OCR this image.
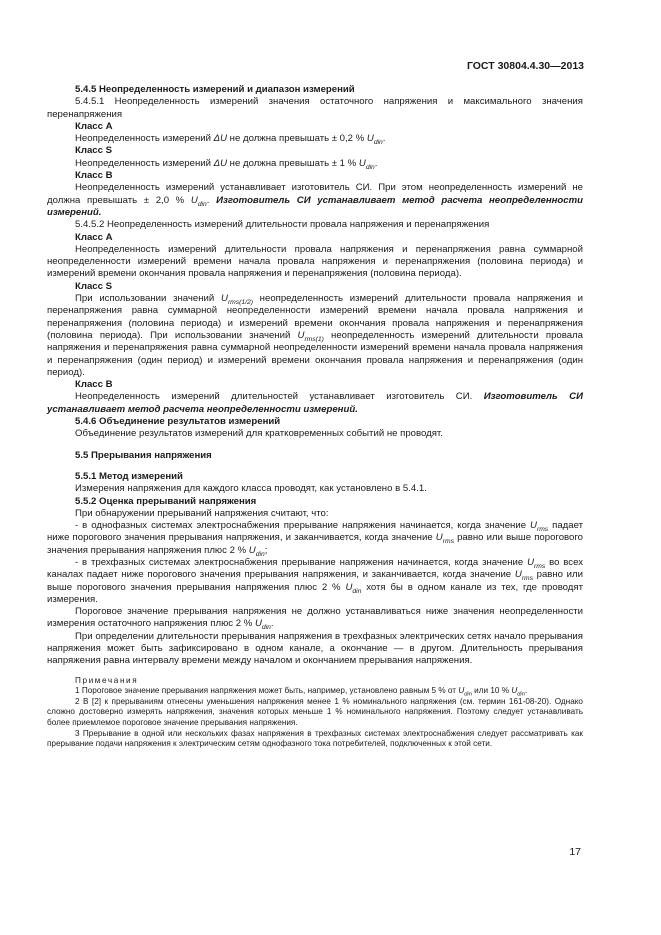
ГОСТ 30804.4.30—2013

5.4.5 Неопределенность измерений и диапазон измерений

5.4.5.1 Неопределенность измерений значения остаточного напряжения и максимального значения перенапряжения

Класс А

Неопределенность измерений ΔU не должна превышать ± 0,2 % $U_{din}$.

Класс S

Неопределенность измерений ΔU не должна превышать ± 1 % $U_{din}$.

Класс В

Неопределенность измерений устанавливает изготовитель СИ. При этом неопределенность измерений не должна превышать ± 2,0 % $U_{din}$. Изготовитель СИ устанавливает метод расчета неопределенности измерений.

5.4.5.2 Неопределенность измерений длительности провала напряжения и перенапряжения

Класс А

Неопределенность измерений длительности провала напряжения и перенапряжения равна суммарной неопределенности измерений времени начала провала напряжения и перенапряжения (половина периода) и измерений времени окончания провала напряжения и перенапряжения (половина периода).

Класс S

При использовании значений $U_{rms(1/2)}$ неопределенность измерений длительности провала напряжения и перенапряжения равна суммарной неопределенности измерений времени начала провала напряжения и перенапряжения (половина периода) и измерений времени окончания провала напряжения и перенапряжения (половина периода). При использовании значений $U_{rms(1)}$ неопределенность измерений длительности провала напряжения и перенапряжения равна суммарной неопределенности измерений времени начала провала напряжения и перенапряжения (один период) и измерений времени окончания провала напряжения и перенапряжения (один период).

Класс В

Неопределенность измерений длительностей устанавливает изготовитель СИ. Изготовитель СИ устанавливает метод расчета неопределенности измерений.

5.4.6 Объединение результатов измерений

Объединение результатов измерений для кратковременных событий не проводят.

5.5 Прерывания напряжения

5.5.1 Метод измерений

Измерения напряжения для каждого класса проводят, как установлено в 5.4.1.

5.5.2 Оценка прерываний напряжения

При обнаружении прерываний напряжения считают, что:

- в однофазных системах электроснабжения прерывание напряжения начинается, когда значение $U_{rms}$ падает ниже порогового значения прерывания напряжения, и заканчивается, когда значение $U_{rms}$ равно или выше порогового значения прерывания напряжения плюс 2 % $U_{din}$;

- в трехфазных системах электроснабжения прерывание напряжения начинается, когда значение $U_{rms}$ во всех каналах падает ниже порогового значения прерывания напряжения, и заканчивается, когда значение $U_{rms}$ равно или выше порогового значения прерывания напряжения плюс 2 % $U_{din}$ хотя бы в одном канале из тех, где проводят измерения.

Пороговое значение прерывания напряжения не должно устанавливаться ниже значения неопределенности измерения остаточного напряжения плюс 2 % $U_{din}$.

При определении длительности прерывания напряжения в трехфазных электрических сетях начало прерывания напряжения может быть зафиксировано в одном канале, а окончание — в другом. Длительность прерывания напряжения равна интервалу времени между началом и окончанием прерывания напряжения.

Примечания

1 Пороговое значение прерывания напряжения может быть, например, установлено равным 5 % от $U_{din}$ или 10 % $U_{din}$.

2 В [2] к прерываниям отнесены уменьшения напряжения менее 1 % номинального напряжения (см. термин 161-08-20). Однако сложно достоверно измерять напряжения, значения которых меньше 1 % номинального напряжения. Поэтому следует устанавливать более приемлемое пороговое значение прерывания напряжения.

3 Прерывание в одной или нескольких фазах напряжения в трехфазных системах электроснабжения следует рассматривать как прерывание подачи напряжения к электрическим сетям однофазного тока потребителей, подключенных к этой сети.

17
